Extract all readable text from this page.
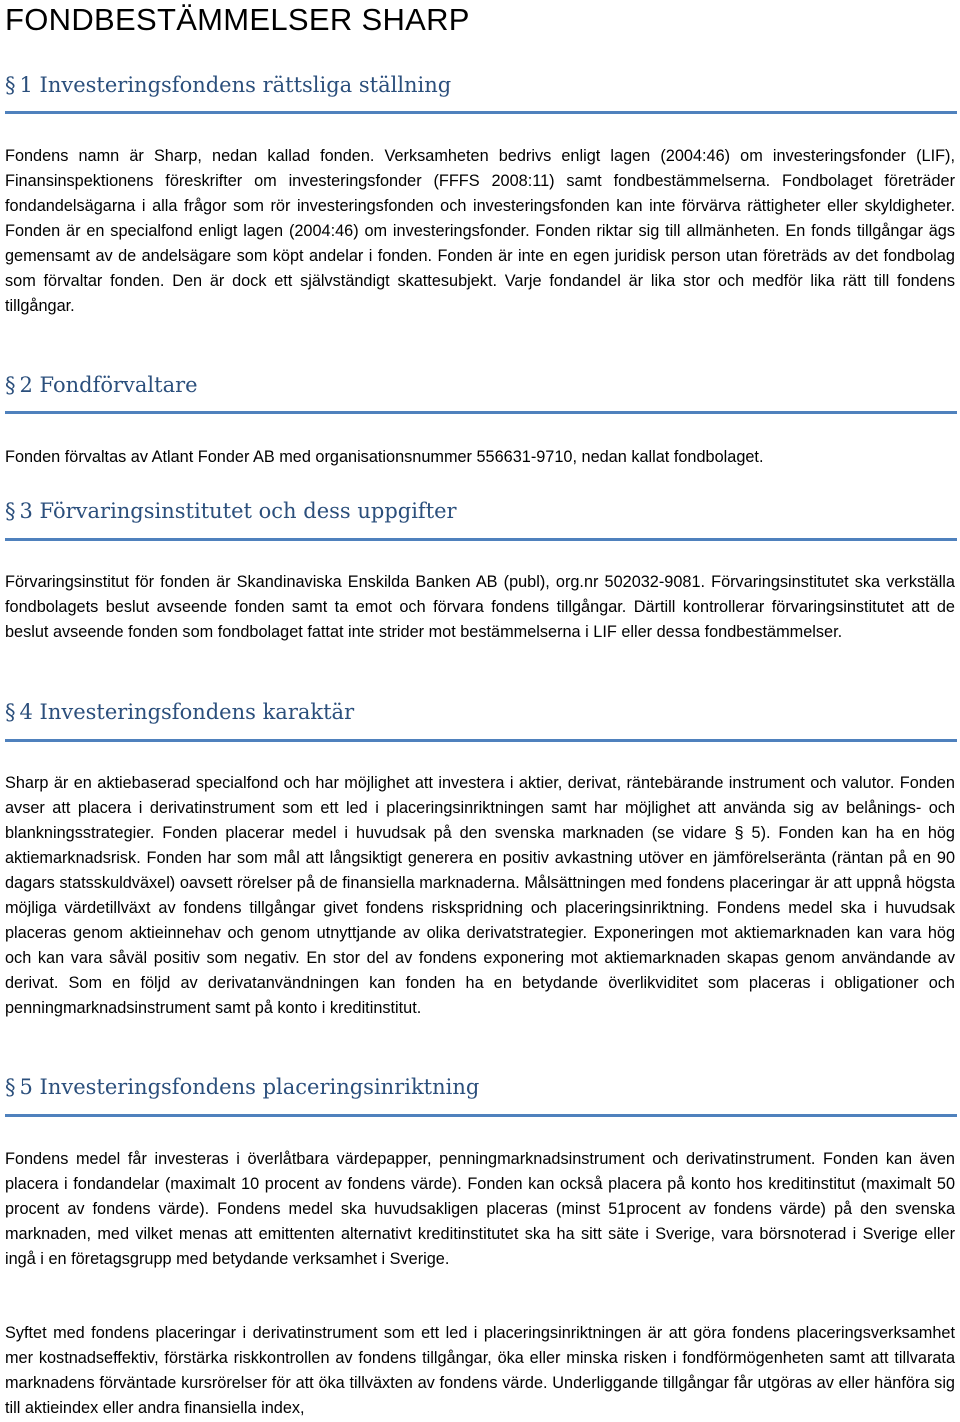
FONDBESTÄMMELSER SHARP
§ 1 Investeringsfondens rättsliga ställning

Fondens namn är Sharp, nedan kallad fonden. Verksamheten bedrivs enligt lagen (2004:46) om investeringsfonder (LIF), Finansinspektionens föreskrifter om investeringsfonder (FFFS 2008:11) samt fondbestämmelserna. Fondbolaget företräder fondandelsägarna i alla frågor som rör investeringsfonden och investeringsfonden kan inte förvärva rättigheter eller skyldigheter. Fonden är en specialfond enligt lagen (2004:46) om investeringsfonder. Fonden riktar sig till allmänheten. En fonds tillgångar ägs gemensamt av de andelsägare som köpt andelar i fonden. Fonden är inte en egen juridisk person utan företräds av det fondbolag som förvaltar fonden. Den är dock ett självständigt skattesubjekt. Varje fondandel är lika stor och medför lika rätt till fondens tillgångar.

§ 2 Fondförvaltare

Fonden förvaltas av Atlant Fonder AB med organisationsnummer 556631-9710, nedan kallat fondbolaget.

§ 3 Förvaringsinstitutet och dess uppgifter

Förvaringsinstitut för fonden är Skandinaviska Enskilda Banken AB (publ), org.nr 502032-9081. Förvaringsinstitutet ska verkställa fondbolagets beslut avseende fonden samt ta emot och förvara fondens tillgångar. Därtill kontrollerar förvaringsinstitutet att de beslut avseende fonden som fondbolaget fattat inte strider mot bestämmelserna i LIF eller dessa fondbestämmelser.

§ 4 Investeringsfondens karaktär

Sharp är en aktiebaserad specialfond och har möjlighet att investera i aktier, derivat, räntebärande instrument och valutor. Fonden avser att placera i derivatinstrument som ett led i placeringsinriktningen samt har möjlighet att använda sig av belånings- och blankningsstrategier. Fonden placerar medel i huvudsak på den svenska marknaden (se vidare § 5). Fonden kan ha en hög aktiemarknadsrisk. Fonden har som mål att långsiktigt generera en positiv avkastning utöver en jämförelseränta (räntan på en 90 dagars statsskuldväxel) oavsett rörelser på de finansiella marknaderna. Målsättningen med fondens placeringar är att uppnå högsta möjliga värdetillväxt av fondens tillgångar givet fondens riskspridning och placeringsinriktning. Fondens medel ska i huvudsak placeras genom aktieinnehav och genom utnyttjande av olika derivatstrategier. Exponeringen mot aktiemarknaden kan vara hög och kan vara såväl positiv som negativ. En stor del av fondens exponering mot aktiemarknaden skapas genom användande av derivat. Som en följd av derivatanvändningen kan fonden ha en betydande överlikviditet som placeras i obligationer och penningmarknadsinstrument samt på konto i kreditinstitut.

§ 5 Investeringsfondens placeringsinriktning

Fondens medel får investeras i överlåtbara värdepapper, penningmarknadsinstrument och derivatinstrument. Fonden kan även placera i fondandelar (maximalt 10 procent av fondens värde). Fonden kan också placera på konto hos kreditinstitut (maximalt 50 procent av fondens värde). Fondens medel ska huvudsakligen placeras (minst 51procent av fondens värde) på den svenska marknaden, med vilket menas att emittenten alternativt kreditinstitutet ska ha sitt säte i Sverige, vara börsnoterad i Sverige eller ingå i en företagsgrupp med betydande verksamhet i Sverige.

Syftet med fondens placeringar i derivatinstrument som ett led i placeringsinriktningen är att göra fondens placeringsverksamhet mer kostnadseffektiv, förstärka riskkontrollen av fondens tillgångar, öka eller minska risken i fondförmögenheten samt att tillvarata marknadens förväntade kursrörelser för att öka tillväxten av fondens värde. Underliggande tillgångar får utgöras av eller hänföra sig till aktieindex eller andra finansiella index,
